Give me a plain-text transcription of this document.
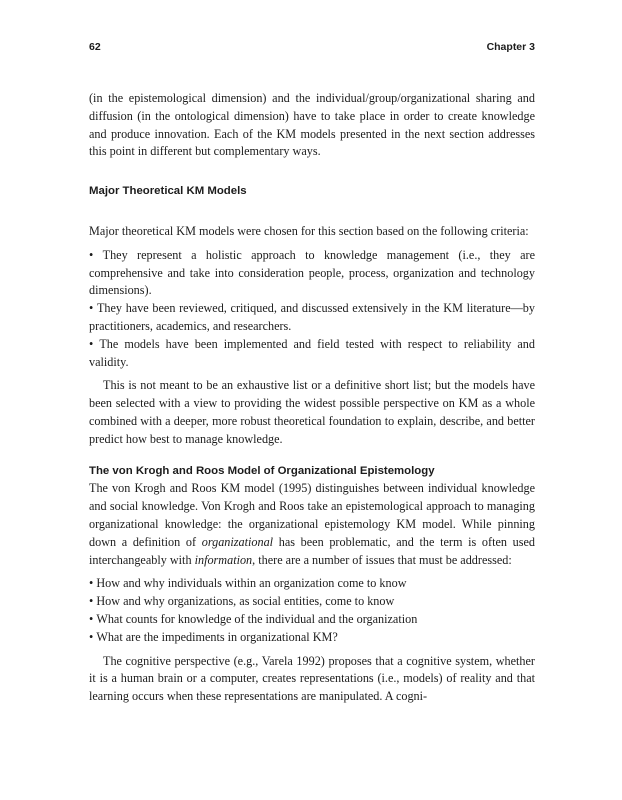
62	Chapter 3

(in the epistemological dimension) and the individual/group/organizational sharing and diffusion (in the ontological dimension) have to take place in order to create knowledge and produce innovation. Each of the KM models presented in the next section addresses this point in different but complementary ways.

Major Theoretical KM Models

Major theoretical KM models were chosen for this section based on the following criteria:

• They represent a holistic approach to knowledge management (i.e., they are comprehensive and take into consideration people, process, organization and technology dimensions).
• They have been reviewed, critiqued, and discussed extensively in the KM literature—by practitioners, academics, and researchers.
• The models have been implemented and field tested with respect to reliability and validity.

This is not meant to be an exhaustive list or a definitive short list; but the models have been selected with a view to providing the widest possible perspective on KM as a whole combined with a deeper, more robust theoretical foundation to explain, describe, and better predict how best to manage knowledge.

The von Krogh and Roos Model of Organizational Epistemology

The von Krogh and Roos KM model (1995) distinguishes between individual knowledge and social knowledge. Von Krogh and Roos take an epistemological approach to managing organizational knowledge: the organizational epistemology KM model. While pinning down a definition of organizational has been problematic, and the term is often used interchangeably with information, there are a number of issues that must be addressed:

• How and why individuals within an organization come to know
• How and why organizations, as social entities, come to know
• What counts for knowledge of the individual and the organization
• What are the impediments in organizational KM?

The cognitive perspective (e.g., Varela 1992) proposes that a cognitive system, whether it is a human brain or a computer, creates representations (i.e., models) of reality and that learning occurs when these representations are manipulated. A cogni-
